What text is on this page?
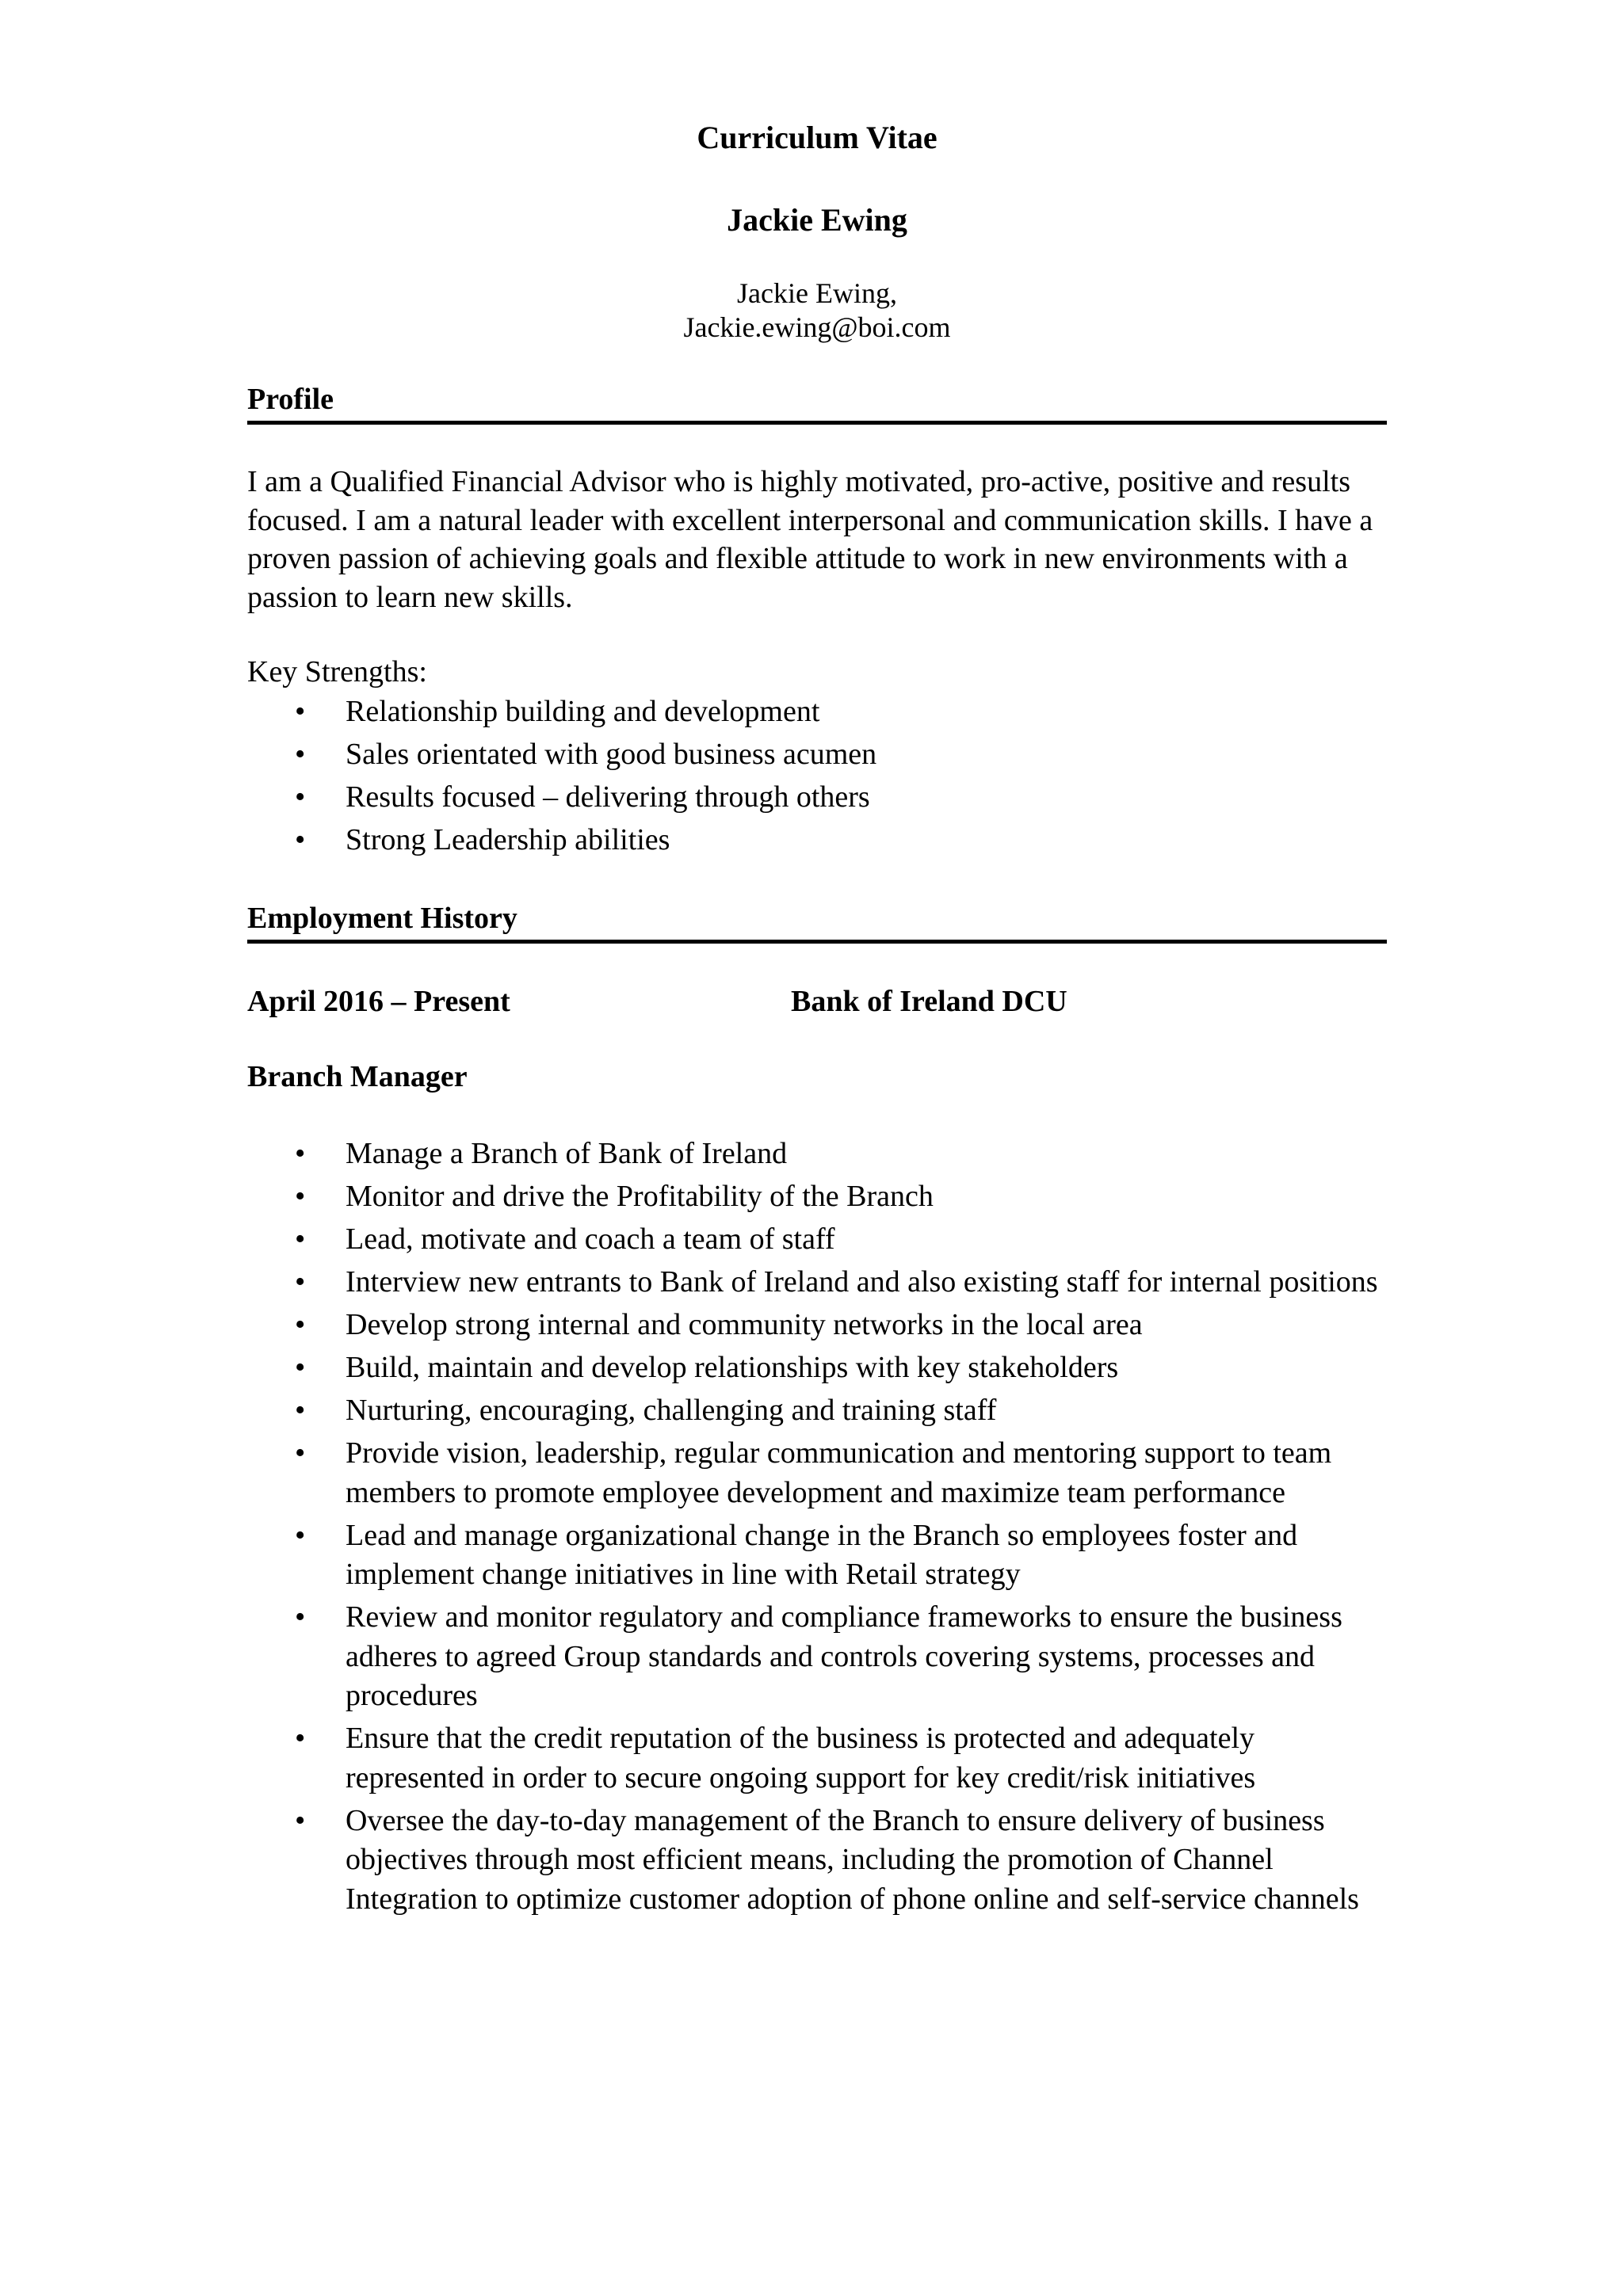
Curriculum Vitae
Jackie Ewing
Jackie Ewing,
Jackie.ewing@boi.com
Profile
I am a Qualified Financial Advisor who is highly motivated, pro-active, positive and results focused. I am a natural leader with excellent interpersonal and communication skills. I have a proven passion of achieving goals and flexible attitude to work in new environments with a passion to learn new skills.
Key Strengths:
• Relationship building and development
• Sales orientated with good business acumen
• Results focused – delivering through others
• Strong Leadership abilities
Employment History
April 2016 – Present	Bank of Ireland DCU
Branch Manager
• Manage a Branch of Bank of Ireland
• Monitor and drive the Profitability of the Branch
• Lead, motivate and coach a team of staff
• Interview new entrants to Bank of Ireland and also existing staff for internal positions
• Develop strong internal and community networks in the local area
• Build, maintain and develop relationships with key stakeholders
• Nurturing, encouraging, challenging and training staff
• Provide vision, leadership, regular communication and mentoring support to team members to promote employee development and maximize team performance
• Lead and manage organizational change in the Branch so employees foster and implement change initiatives in line with Retail strategy
• Review and monitor regulatory and compliance frameworks to ensure the business adheres to agreed Group standards and controls covering systems, processes and procedures
• Ensure that the credit reputation of the business is protected and adequately represented in order to secure ongoing support for key credit/risk initiatives
• Oversee the day-to-day management of the Branch to ensure delivery of business objectives through most efficient means, including the promotion of Channel Integration to optimize customer adoption of phone online and self-service channels
